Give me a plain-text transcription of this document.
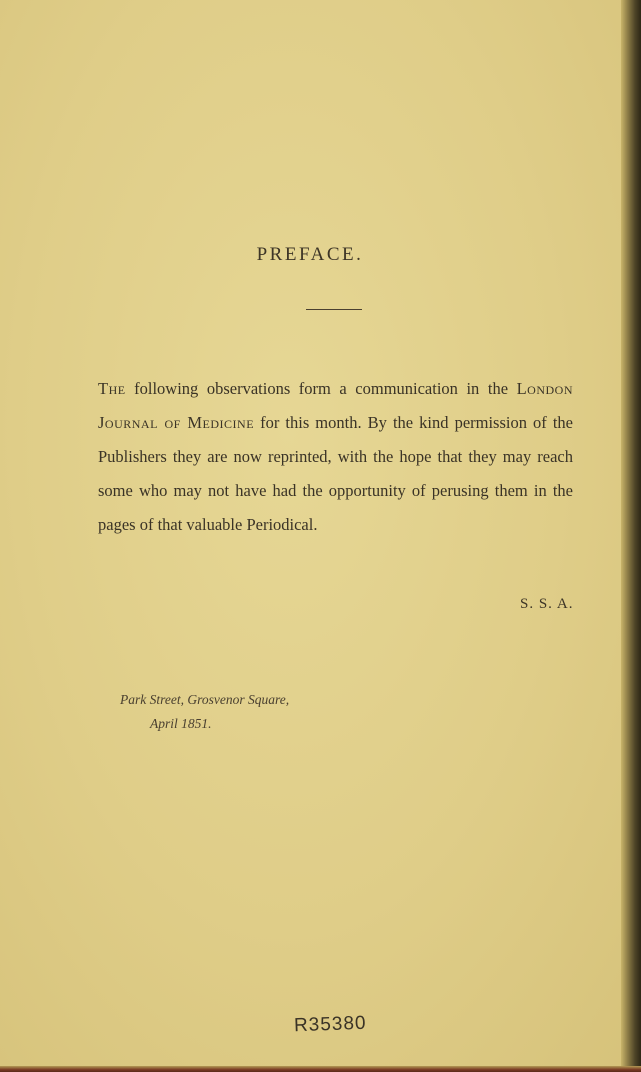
PREFACE.

The following observations form a communication in the London Journal of Medicine for this month. By the kind permission of the Publishers they are now reprinted, with the hope that they may reach some who may not have had the opportunity of perusing them in the pages of that valuable Periodical.

S. S. A.
Park Street, Grosvenor Square,
April 1851.
R35380
